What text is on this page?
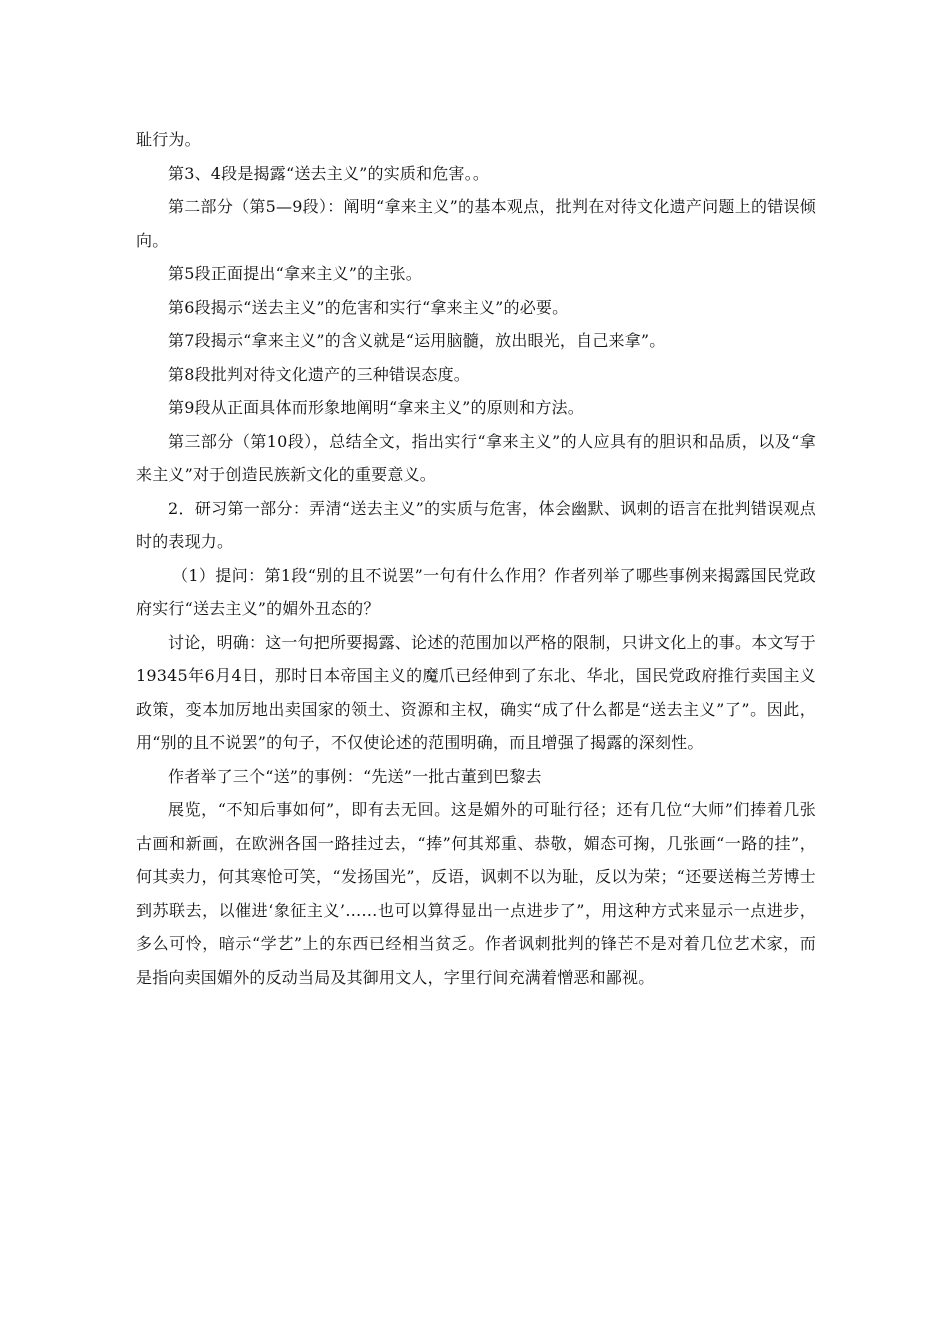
耻行为。

第3、4段是揭露“送去主义”的实质和危害。。

第二部分（第5—9段）：阐明“拿来主义”的基本观点，批判在对待文化遗产问题上的错误倾向。

第5段正面提出“拿来主义”的主张。

第6段揭示“送去主义”的危害和实行“拿来主义”的必要。

第7段揭示“拿来主义”的含义就是“运用脑髓，放出眼光，自己来拿”。

第8段批判对待文化遗产的三种错误态度。

第9段从正面具体而形象地阐明“拿来主义”的原则和方法。

第三部分（第10段），总结全文，指出实行“拿来主义”的人应具有的胆识和品质，以及“拿来主义”对于创造民族新文化的重要意义。

2．研习第一部分：弄清“送去主义”的实质与危害，体会幽默、讽刺的语言在批判错误观点时的表现力。

（1）提问：第1段“别的且不说罢”一句有什么作用？作者列举了哪些事例来揭露国民党政府实行“送去主义”的媚外丑态的？

讨论，明确：这一句把所要揭露、论述的范围加以严格的限制，只讲文化上的事。本文写于19345年6月4日，那时日本帝国主义的魔爪已经伸到了东北、华北，国民党政府推行卖国主义政策，变本加厉地出卖国家的领土、资源和主权，确实“成了什么都是“送去主义”了”。因此，用“别的且不说罢”的句子，不仅使论述的范围明确，而且增强了揭露的深刻性。

作者举了三个“送”的事例：“先送”一批古董到巴黎去

展览，“不知后事如何”，即有去无回。这是媚外的可耻行径；还有几位“大师”们捧着几张古画和新画，在欧洲各国一路挂过去，“捧”何其郑重、恭敬，媚态可掬，几张画“一路的挂”，何其卖力，何其寒怆可笑，“发扬国光”，反语，讽刺不以为耻，反以为荣；“还要送梅兰芳博士到苏联去，以催进‘象征主义’……也可以算得显出一点进步了”，用这种方式来显示一点进步，多么可怜，暗示“学艺”上的东西已经相当贫乏。作者讽刺批判的锋芒不是对着几位艺术家，而是指向卖国媚外的反动当局及其御用文人，字里行间充满着憎恶和鄙视。
